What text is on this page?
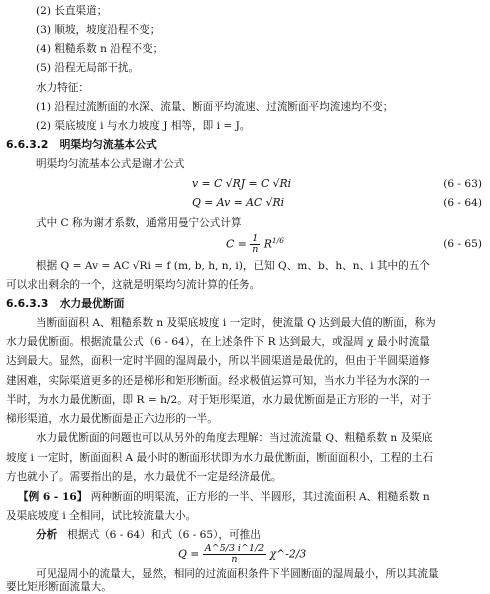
(2) 长直渠道；
(3) 顺坡，坡度沿程不变；
(4) 粗糙系数 n 沿程不变；
(5) 沿程无局部干扰。
水力特征：
(1) 沿程过流断面的水深、流量、断面平均流速、过流断面平均流速均不变；
(2) 渠底坡度 i 与水力坡度 J 相等，即 i = J。
6.6.3.2 明渠均匀流基本公式
明渠均匀流基本公式是谢才公式
v = C √RJ = C √Ri	(6 - 63)
Q = Av = AC √Ri	(6 - 64)
式中 C 称为谢才系数，通常用曼宁公式计算
$C = \frac{1}{n} R^{1/6}$	(6 - 65)
根据 Q = Av = AC √Ri = f (m, b, h, n, i)，已知 Q、m、b、h、n、i 其中的五个
可以求出剩余的一个，这就是明渠均匀流计算的任务。
6.6.3.3 水力最优断面
当断面面积 A、粗糙系数 n 及渠底坡度 i 一定时，使流量 Q 达到最大值的断面，称为
水力最优断面。根据流量公式（6 - 64），在上述条件下 R 达到最大，或湿周 χ 最小时流量
达到最大。显然，面积一定时半圆的湿周最小，所以半圆渠道是最优的，但由于半圆渠道修
建困难，实际渠道更多的还是梯形和矩形断面。经求极值运算可知，当水力半径为水深的一
半时，为水力最优断面，即 R = h/2。对于矩形渠道，水力最优断面是正方形的一半，对于
梯形渠道，水力最优断面是正六边形的一半。
水力最优断面的问题也可以从另外的角度去理解：当过流流量 Q、粗糙系数 n 及渠底
坡度 i 一定时，断面面积 A 最小时的断面形状即为水力最优断面，断面面积小，工程的土石
方也就小了。需要指出的是，水力最优不一定是经济最优。
【例 6 - 16】 两种断面的明渠流，正方形的一半、半圆形，其过流面积 A、粗糙系数 n
及渠底坡度 i 全相同，试比较流量大小。
分析 根据式（6 - 64）和式（6 - 65），可推出
$Q = \frac{A\^{}5/3 i\^{}1/2}{n}$ χ^-2/3
可见湿周小的流量大，显然，相同的过流面积条件下半圆断面的湿周最小，所以其流量
要比矩形断面流量大。
